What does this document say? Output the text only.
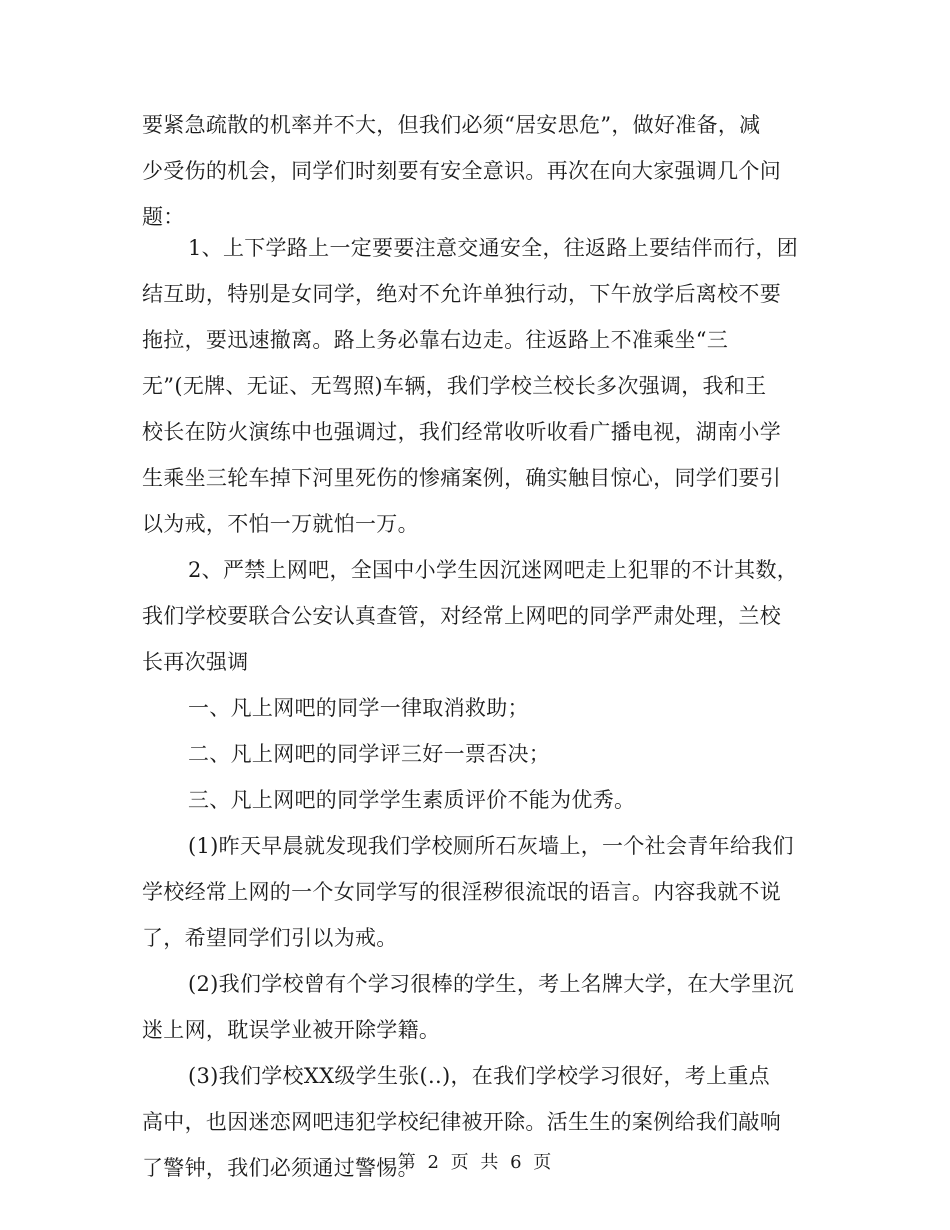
要紧急疏散的机率并不大，但我们必须“居安思危”，做好准备，减
少受伤的机会，同学们时刻要有安全意识。再次在向大家强调几个问
题：
1、上下学路上一定要要注意交通安全，往返路上要结伴而行，团
结互助，特别是女同学，绝对不允许单独行动，下午放学后离校不要
拖拉，要迅速撤离。路上务必靠右边走。往返路上不准乘坐“三
无”(无牌、无证、无驾照)车辆，我们学校兰校长多次强调，我和王
校长在防火演练中也强调过，我们经常收听收看广播电视，湖南小学
生乘坐三轮车掉下河里死伤的惨痛案例，确实触目惊心，同学们要引
以为戒，不怕一万就怕一万。
2、严禁上网吧，全国中小学生因沉迷网吧走上犯罪的不计其数，
我们学校要联合公安认真查管，对经常上网吧的同学严肃处理，兰校
长再次强调
一、凡上网吧的同学一律取消救助；
二、凡上网吧的同学评三好一票否决；
三、凡上网吧的同学学生素质评价不能为优秀。
(1)昨天早晨就发现我们学校厕所石灰墙上，一个社会青年给我们
学校经常上网的一个女同学写的很淫秽很流氓的语言。内容我就不说
了，希望同学们引以为戒。
(2)我们学校曾有个学习很棒的学生，考上名牌大学，在大学里沉
迷上网，耽误学业被开除学籍。
(3)我们学校XX级学生张(..)，在我们学校学习很好，考上重点
高中，也因迷恋网吧违犯学校纪律被开除。活生生的案例给我们敲响
了警钟，我们必须通过警惕。
第 2 页 共 6 页
